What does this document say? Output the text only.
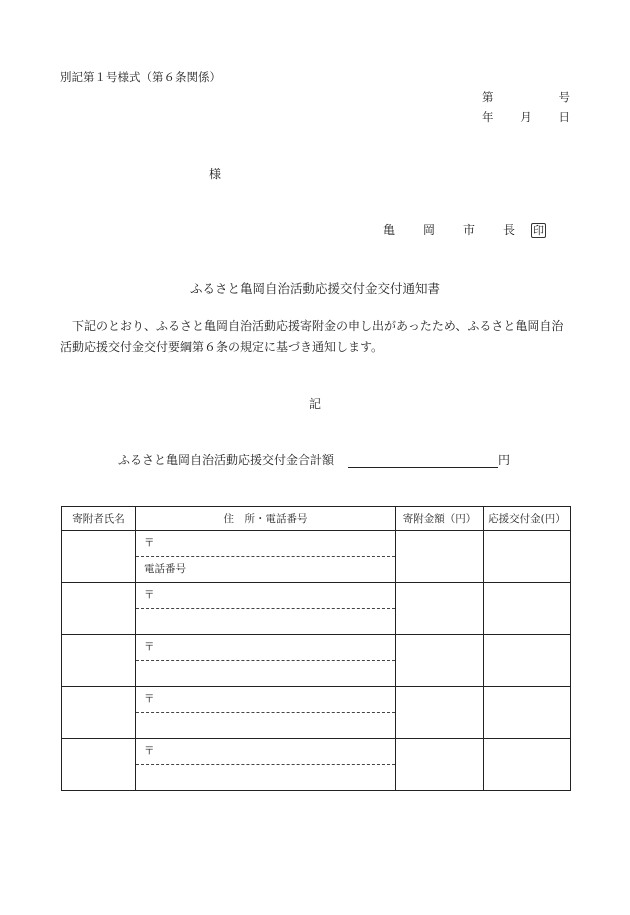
別記第１号様式（第６条関係）
第	号
年 月 日
様
亀　岡　市　長 印
ふるさと亀岡自治活動応援交付金交付通知書
下記のとおり、ふるさと亀岡自治活動応援寄附金の申し出があったため、ふるさと亀岡自治活動応援交付金交付要綱第６条の規定に基づき通知します。
記
ふるさと亀岡自治活動応援交付金合計額	円
寄附者氏名	住　所・電話番号	寄附金額（円）	応援交付金(円）

	〒
電話番号		

	〒		

	〒		

	〒		

	〒		
